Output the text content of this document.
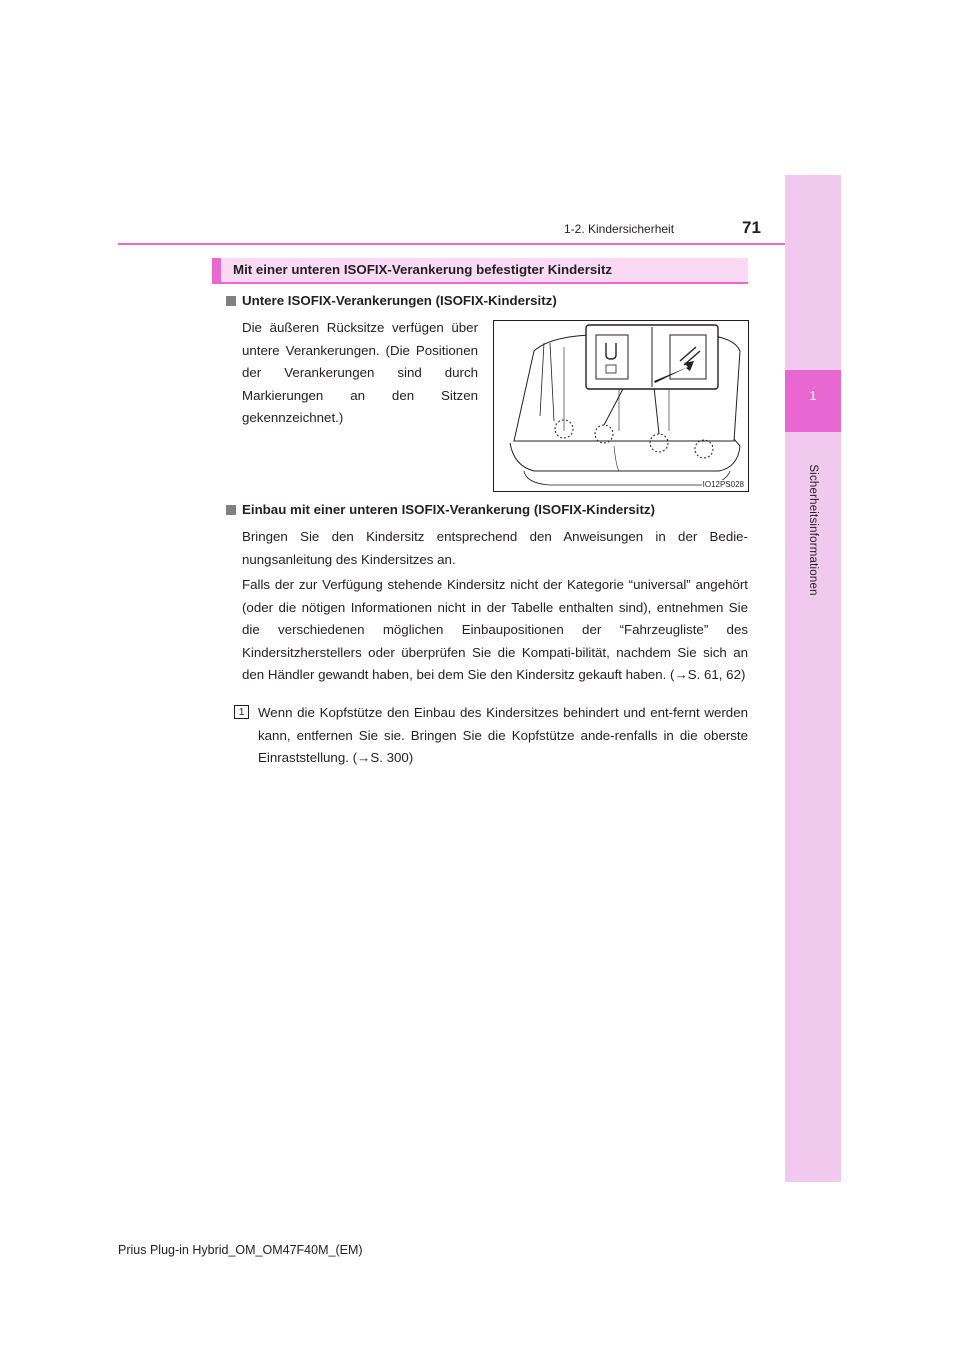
1
Sicherheitsinformationen
1-2. Kindersicherheit	71
Mit einer unteren ISOFIX-Verankerung befestigter Kindersitz
Untere ISOFIX-Verankerungen (ISOFIX-Kindersitz)
Die äußeren Rücksitze verfügen über untere Verankerungen. (Die Positionen der Verankerungen sind durch Markierungen an den Sitzen gekennzeichnet.)
IO12PS028
Einbau mit einer unteren ISOFIX-Verankerung (ISOFIX-Kindersitz)
Bringen Sie den Kindersitz entsprechend den Anweisungen in der Bedie-nungsanleitung des Kindersitzes an.
Falls der zur Verfügung stehende Kindersitz nicht der Kategorie “universal” angehört (oder die nötigen Informationen nicht in der Tabelle enthalten sind), entnehmen Sie die verschiedenen möglichen Einbaupositionen der “Fahrzeugliste” des Kindersitzherstellers oder überprüfen Sie die Kompati-bilität, nachdem Sie sich an den Händler gewandt haben, bei dem Sie den Kindersitz gekauft haben. (→S. 61, 62)
1	Wenn die Kopfstütze den Einbau des Kindersitzes behindert und ent-fernt werden kann, entfernen Sie sie. Bringen Sie die Kopfstütze ande-renfalls in die oberste Einraststellung. (→S. 300)
Prius Plug-in Hybrid_OM_OM47F40M_(EM)
